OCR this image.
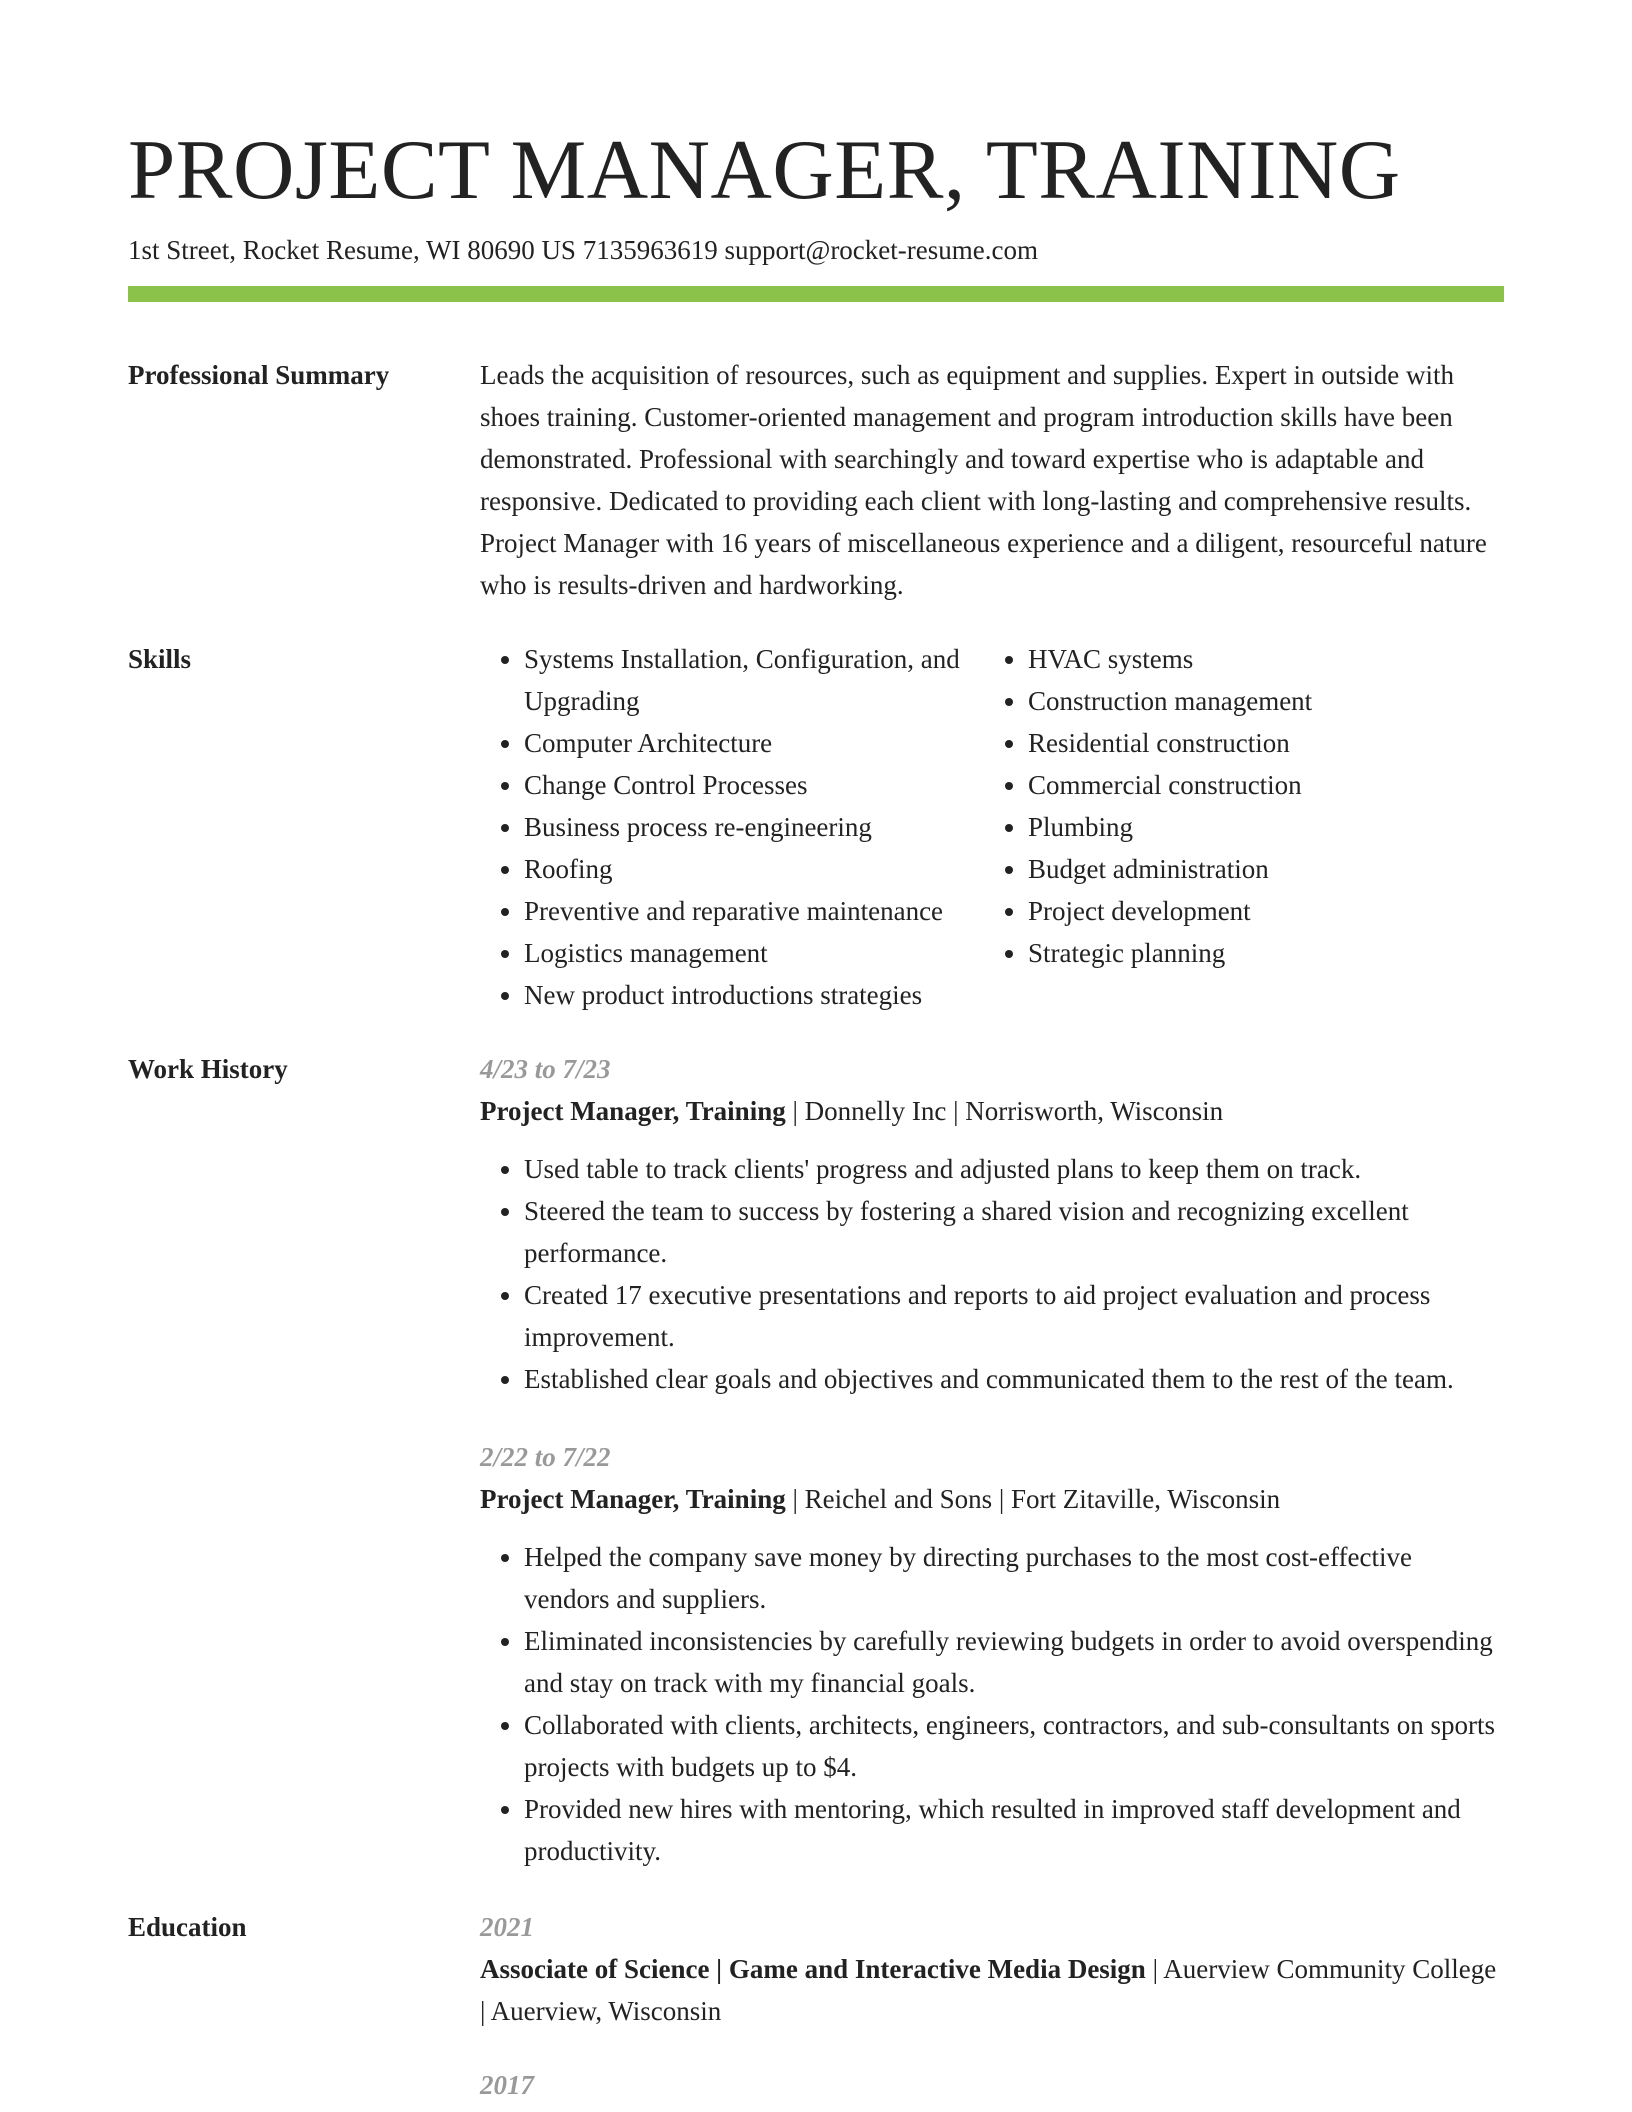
PROJECT MANAGER, TRAINING
1st Street, Rocket Resume, WI 80690 US 7135963619 support@rocket-resume.com
Professional Summary	Leads the acquisition of resources, such as equipment and supplies. Expert in outside with shoes training. Customer-oriented management and program introduction skills have been demonstrated. Professional with searchingly and toward expertise who is adaptable and responsive. Dedicated to providing each client with long-lasting and comprehensive results. Project Manager with 16 years of miscellaneous experience and a diligent, resourceful nature who is results-driven and hardworking.
Skills
•	Systems Installation, Configuration, and Upgrading
• Computer Architecture
• Change Control Processes
• Business process re-engineering
• Roofing
• Preventive and reparative maintenance
• Logistics management
• New product introductions strategies
• HVAC systems
• Construction management
• Residential construction
• Commercial construction
• Plumbing
• Budget administration
• Project development
• Strategic planning
Work History	4/23 to 7/23
Project Manager, Training | Donnelly Inc | Norrisworth, Wisconsin
• Used table to track clients' progress and adjusted plans to keep them on track.
• Steered the team to success by fostering a shared vision and recognizing excellent performance.
• Created 17 executive presentations and reports to aid project evaluation and process improvement.
• Established clear goals and objectives and communicated them to the rest of the team.
2/22 to 7/22
Project Manager, Training | Reichel and Sons | Fort Zitaville, Wisconsin
• Helped the company save money by directing purchases to the most cost-effective vendors and suppliers.
• Eliminated inconsistencies by carefully reviewing budgets in order to avoid overspending and stay on track with my financial goals.
• Collaborated with clients, architects, engineers, contractors, and sub-consultants on sports projects with budgets up to $4.
• Provided new hires with mentoring, which resulted in improved staff development and productivity.
Education	2021
Associate of Science | Game and Interactive Media Design | Auerview Community College | Auerview, Wisconsin
2017
